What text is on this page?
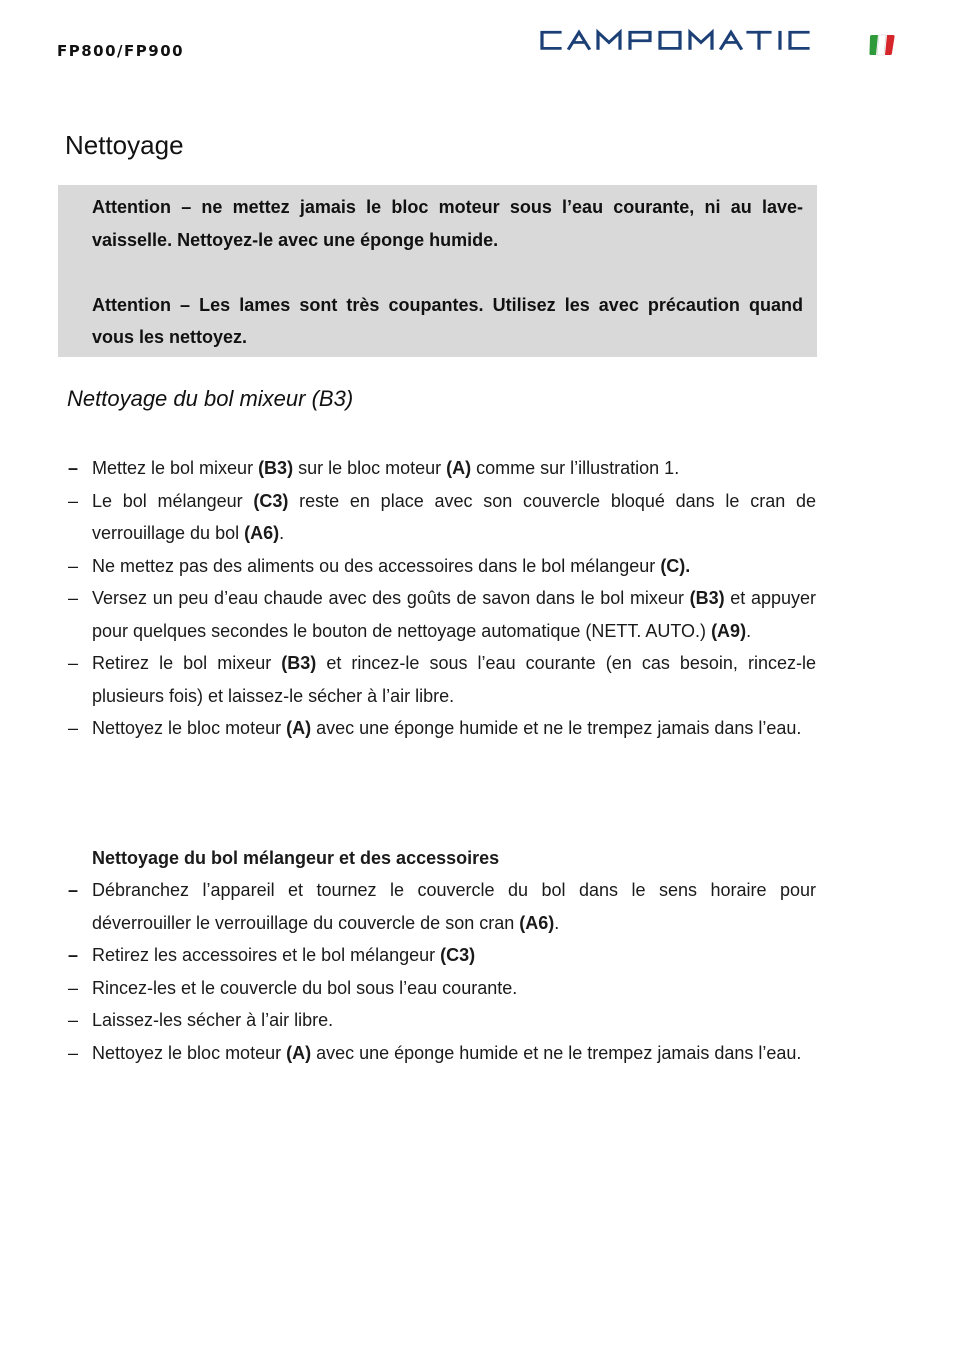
FP800/FP900
Nettoyage

Attention – ne mettez jamais le bloc moteur sous l’eau courante, ni au lave-vaisselle. Nettoyez-le avec une éponge humide.

Attention – Les lames sont très coupantes. Utilisez les avec précaution quand vous les nettoyez.

Nettoyage du bol mixeur (B3)
– Mettez le bol mixeur (B3) sur le bloc moteur (A) comme sur l’illustration 1.
– Le bol mélangeur (C3) reste en place avec son couvercle bloqué dans le cran de verrouillage du bol (A6).
– Ne mettez pas des aliments ou des accessoires dans le bol mélangeur (C).
– Versez un peu d’eau chaude avec des goûts de savon dans le bol mixeur (B3) et appuyer pour quelques secondes le bouton de nettoyage automatique (NETT. AUTO.) (A9).
– Retirez le bol mixeur (B3) et rincez-le sous l’eau courante (en cas besoin, rincez-le plusieurs fois) et laissez-le sécher à l’air libre.
– Nettoyez le bloc moteur (A) avec une éponge humide et ne le trempez jamais dans l’eau.
Nettoyage du bol mélangeur et des accessoires
– Débranchez l’appareil et tournez le couvercle du bol dans le sens horaire pour déverrouiller le verrouillage du couvercle de son cran (A6).
– Retirez les accessoires et le bol mélangeur (C3)
– Rincez-les et le couvercle du bol sous l’eau courante.
– Laissez-les sécher à l’air libre.
– Nettoyez le bloc moteur (A) avec une éponge humide et ne le trempez jamais dans l’eau.
